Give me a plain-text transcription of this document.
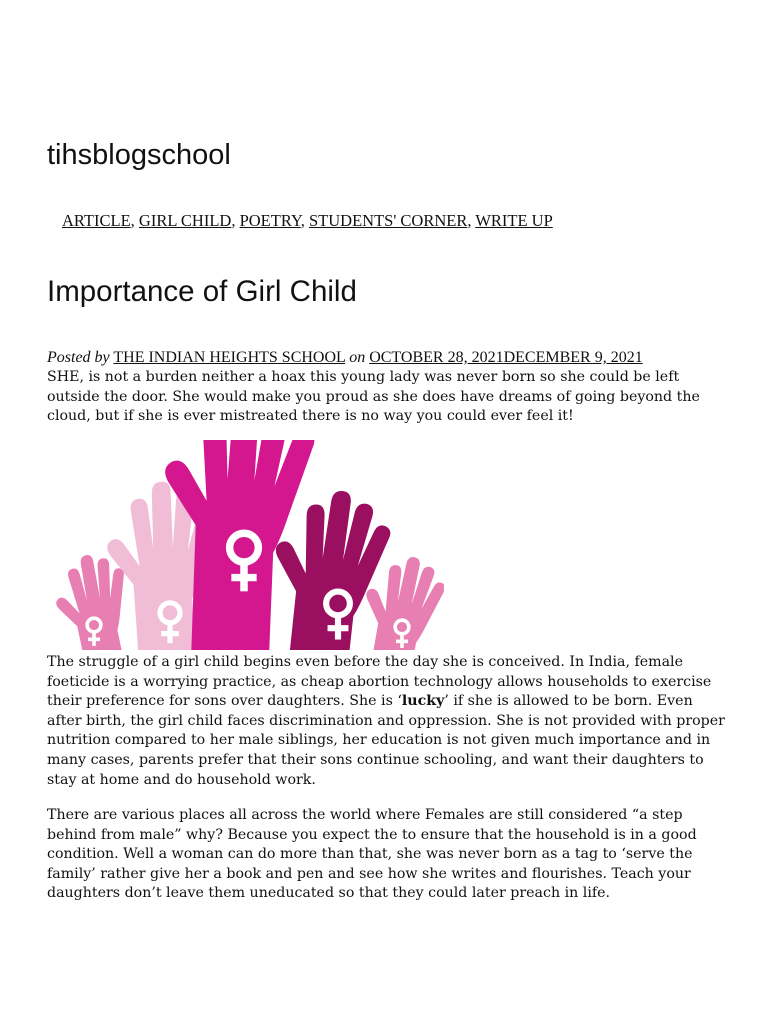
tihsblogschool
ARTICLE, GIRL CHILD, POETRY, STUDENTS' CORNER, WRITE UP
Importance of Girl Child
Posted by THE INDIAN HEIGHTS SCHOOL on OCTOBER 28, 2021DECEMBER 9, 2021

SHE, is not a burden neither a hoax this young lady was never born so she could be left outside the door. She would make you proud as she does have dreams of going beyond the cloud, but if she is ever mistreated there is no way you could ever feel it!

The struggle of a girl child begins even before the day she is conceived. In India, female foeticide is a worrying practice, as cheap abortion technology allows households to exercise their preference for sons over daughters. She is ‘lucky’ if she is allowed to be born. Even after birth, the girl child faces discrimination and oppression. She is not provided with proper nutrition compared to her male siblings, her education is not given much importance and in many cases, parents prefer that their sons continue schooling, and want their daughters to stay at home and do household work.

There are various places all across the world where Females are still considered “a step behind from male” why? Because you expect the to ensure that the household is in a good condition. Well a woman can do more than that, she was never born as a tag to ‘serve the family’ rather give her a book and pen and see how she writes and flourishes. Teach your daughters don’t leave them uneducated so that they could later preach in life.
